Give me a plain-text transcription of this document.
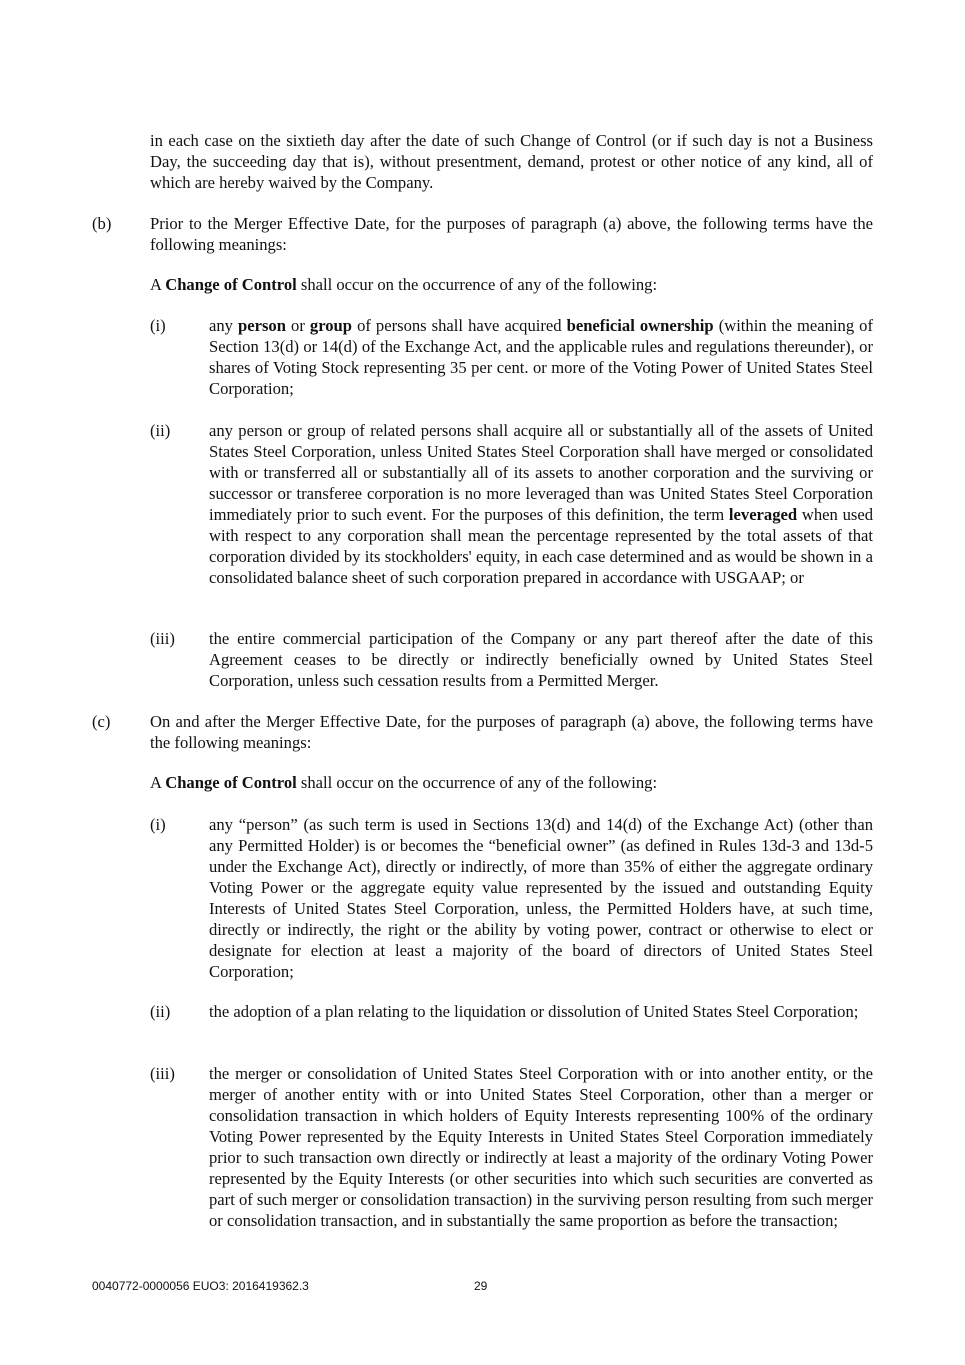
in each case on the sixtieth day after the date of such Change of Control (or if such day is not a Business Day, the succeeding day that is), without presentment, demand, protest or other notice of any kind, all of which are hereby waived by the Company.

(b) Prior to the Merger Effective Date, for the purposes of paragraph (a) above, the following terms have the following meanings:

A Change of Control shall occur on the occurrence of any of the following:

(i)	any person or group of persons shall have acquired beneficial ownership (within the meaning of Section 13(d) or 14(d) of the Exchange Act, and the applicable rules and regulations thereunder), or shares of Voting Stock representing 35 per cent. or more of the Voting Power of United States Steel Corporation;

(ii) any person or group of related persons shall acquire all or substantially all of the assets of United States Steel Corporation, unless United States Steel Corporation shall have merged or consolidated with or transferred all or substantially all of its assets to another corporation and the surviving or successor or transferee corporation is no more leveraged than was United States Steel Corporation immediately prior to such event. For the purposes of this definition, the term leveraged when used with respect to any corporation shall mean the percentage represented by the total assets of that corporation divided by its stockholders' equity, in each case determined and as would be shown in a consolidated balance sheet of such corporation prepared in accordance with USGAAP; or

(iii) the entire commercial participation of the Company or any part thereof after the date of this Agreement ceases to be directly or indirectly beneficially owned by United States Steel Corporation, unless such cessation results from a Permitted Merger.

(c) On and after the Merger Effective Date, for the purposes of paragraph (a) above, the following terms have the following meanings:

A Change of Control shall occur on the occurrence of any of the following:

(i)	any “person” (as such term is used in Sections 13(d) and 14(d) of the Exchange Act) (other than any Permitted Holder) is or becomes the “beneficial owner” (as defined in Rules 13d-3 and 13d-5 under the Exchange Act), directly or indirectly, of more than 35% of either the aggregate ordinary Voting Power or the aggregate equity value represented by the issued and outstanding Equity Interests of United States Steel Corporation, unless, the Permitted Holders have, at such time, directly or indirectly, the right or the ability by voting power, contract or otherwise to elect or designate for election at least a majority of the board of directors of United States Steel Corporation;

(ii) the adoption of a plan relating to the liquidation or dissolution of United States Steel Corporation;

(iii) the merger or consolidation of United States Steel Corporation with or into another entity, or the merger of another entity with or into United States Steel Corporation, other than a merger or consolidation transaction in which holders of Equity Interests representing 100% of the ordinary Voting Power represented by the Equity Interests in United States Steel Corporation immediately prior to such transaction own directly or indirectly at least a majority of the ordinary Voting Power represented by the Equity Interests (or other securities into which such securities are converted as part of such merger or consolidation transaction) in the surviving person resulting from such merger or consolidation transaction, and in substantially the same proportion as before the transaction;

0040772-0000056 EUO3: 2016419362.3	29
